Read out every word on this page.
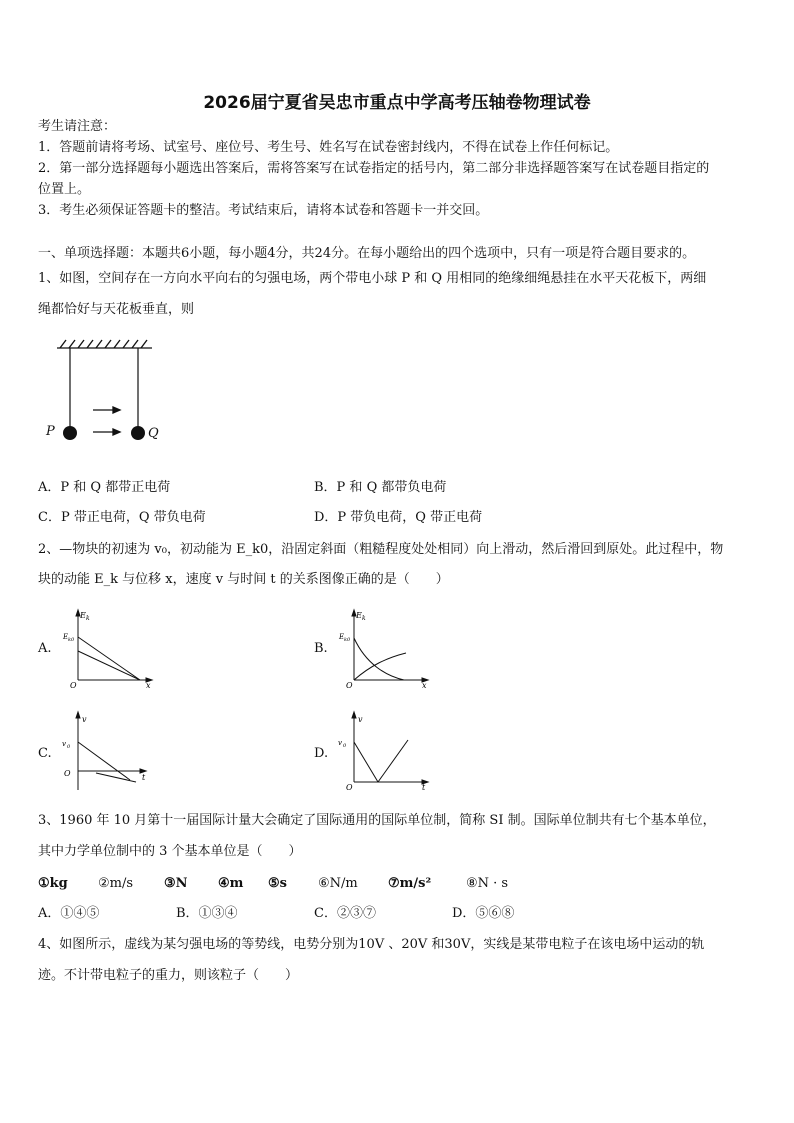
2026届宁夏省吴忠市重点中学高考压轴卷物理试卷
考生请注意：
1．答题前请将考场、试室号、座位号、考生号、姓名写在试卷密封线内，不得在试卷上作任何标记。
2．第一部分选择题每小题选出答案后，需将答案写在试卷指定的括号内，第二部分非选择题答案写在试卷题目指定的
位置上。
3．考生必须保证答题卡的整洁。考试结束后，请将本试卷和答题卡一并交回。
一、单项选择题：本题共6小题，每小题4分，共24分。在每小题给出的四个选项中，只有一项是符合题目要求的。
1、如图，空间存在一方向水平向右的匀强电场，两个带电小球 P 和 Q 用相同的绝缘细绳悬挂在水平天花板下，两细
绳都恰好与天花板垂直，则
P	Q
A．P 和 Q 都带正电荷	B．P 和 Q 都带负电荷
C．P 带正电荷，Q 带负电荷	D．P 带负电荷，Q 带正电荷
2、—物块的初速为 v₀，初动能为 E_k0，沿固定斜面（粗糙程度处处相同）向上滑动，然后滑回到原处。此过程中，物
块的动能 E_k 与位移 x，速度 v 与时间 t 的关系图像正确的是（　　）
A.	B.
C.	D.
E k
E k0
O	x
E k
E k0
O	x
v
v 0
O	t
v
v 0
O	t
3、1960 年 10 月第十一届国际计量大会确定了国际通用的国际单位制，简称 SI 制。国际单位制共有七个基本单位，
其中力学单位制中的 3 个基本单位是（　　）
①kg ②m/s ③N ④m ⑤s ⑥N/m ⑦m/s²	⑧N · s
A．①④⑤	B．①③④	C．②③⑦	D．⑤⑥⑧
4、如图所示，虚线为某匀强电场的等势线，电势分别为10V 、20V 和30V，实线是某带电粒子在该电场中运动的轨
迹。不计带电粒子的重力，则该粒子（　　）
